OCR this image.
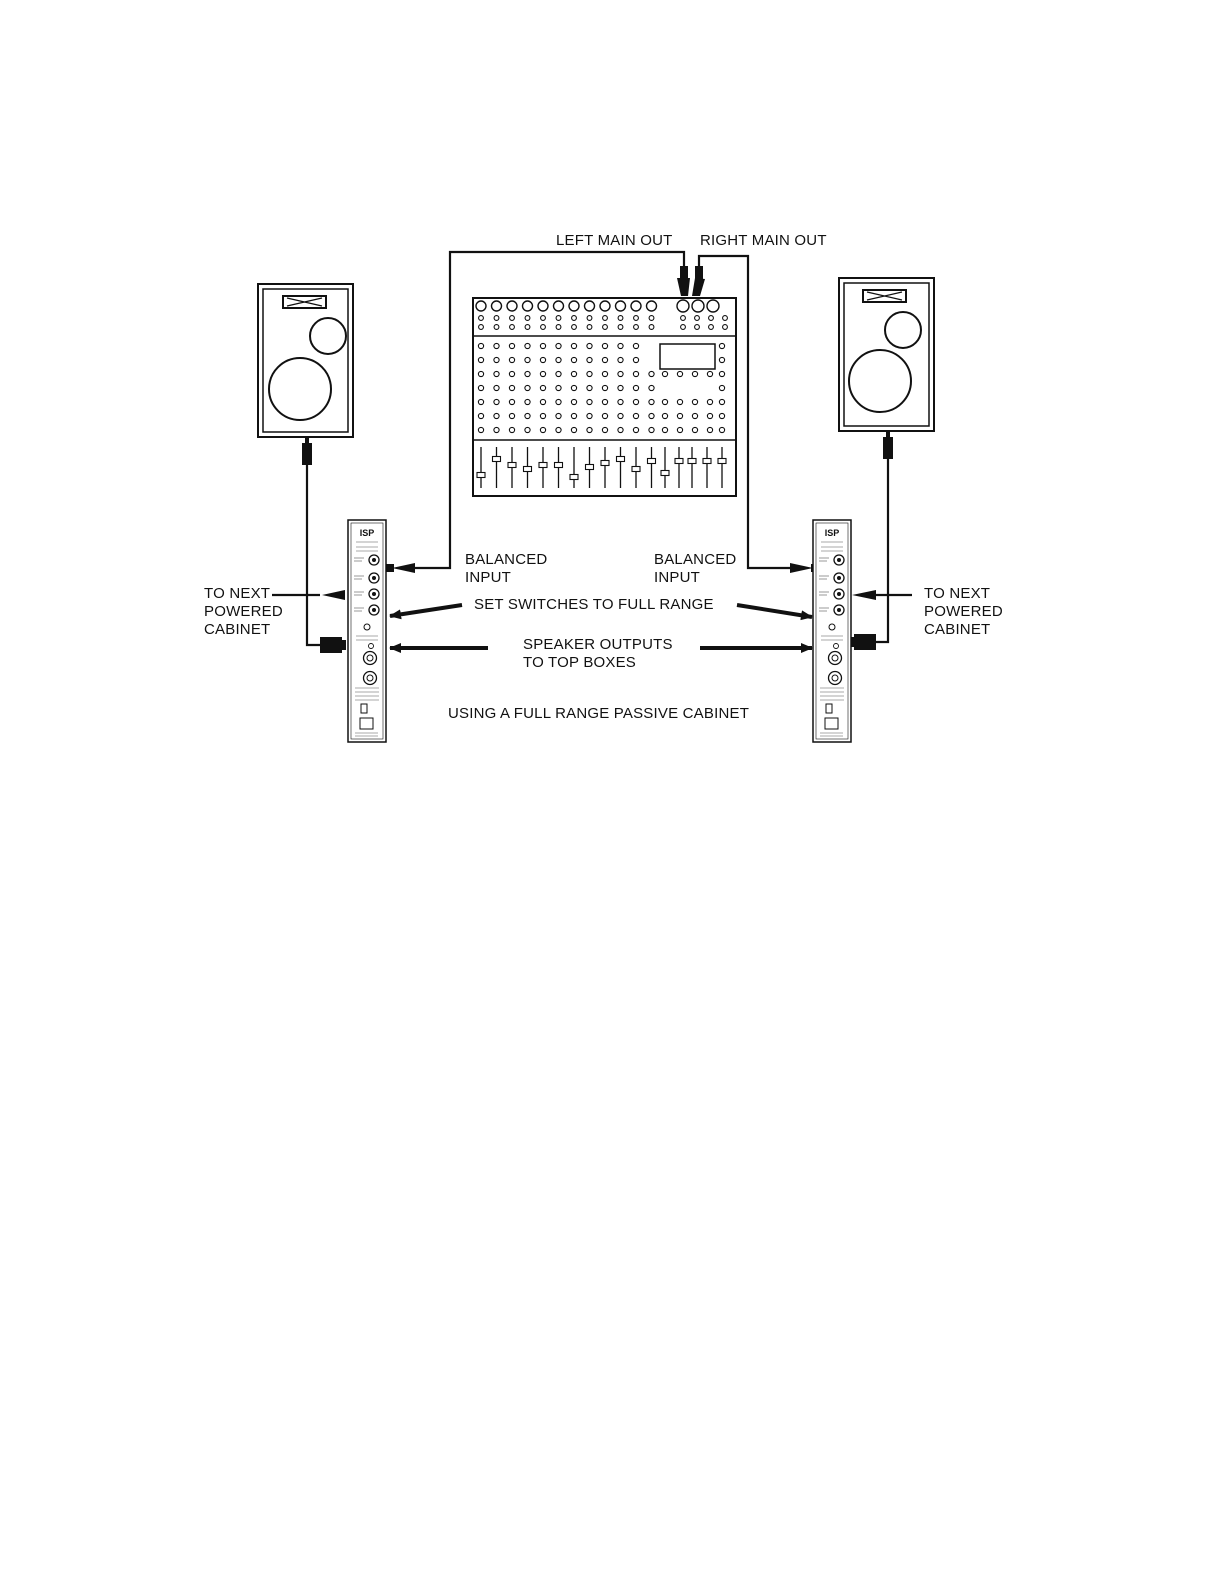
ISP	ISP
LEFT MAIN OUT RIGHT MAIN OUT
BALANCED
INPUT
BALANCED
INPUT
TO NEXT
POWERED
CABINET
TO NEXT
POWERED
CABINET
SET SWITCHES TO FULL RANGE
SPEAKER OUTPUTS
TO TOP BOXES
USING A FULL RANGE PASSIVE CABINET
